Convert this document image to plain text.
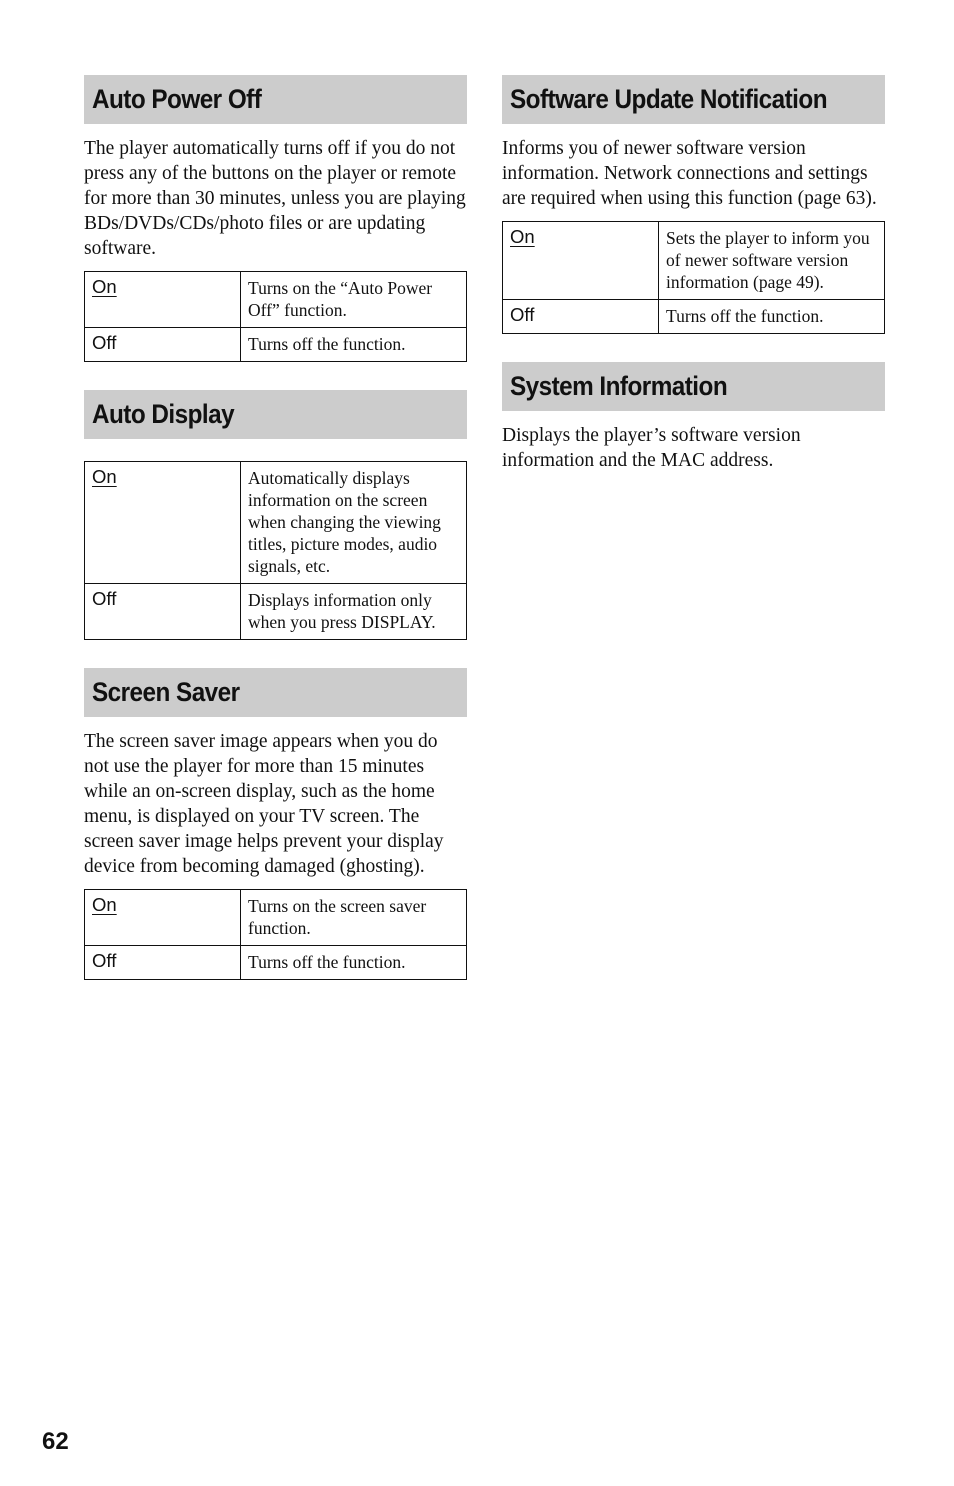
Auto Power Off

The player automatically turns off if you do not press any of the buttons on the player or remote for more than 30 minutes, unless you are playing BDs/DVDs/CDs/photo files or are updating software.

On	Turns on the “Auto Power Off” function.
Off	Turns off the function.
Auto Display
On	Automatically displays information on the screen when changing the viewing titles, picture modes, audio signals, etc.
Off	Displays information only when you press DISPLAY.
Screen Saver

The screen saver image appears when you do not use the player for more than 15 minutes while an on-screen display, such as the home menu, is displayed on your TV screen. The screen saver image helps prevent your display device from becoming damaged (ghosting).

On	Turns on the screen saver function.
Off	Turns off the function.
Software Update Notification

Informs you of newer software version information. Network connections and settings are required when using this function (page 63).

On	Sets the player to inform you of newer software version information (page 49).
Off	Turns off the function.
System Information

Displays the player’s software version information and the MAC address.

62
